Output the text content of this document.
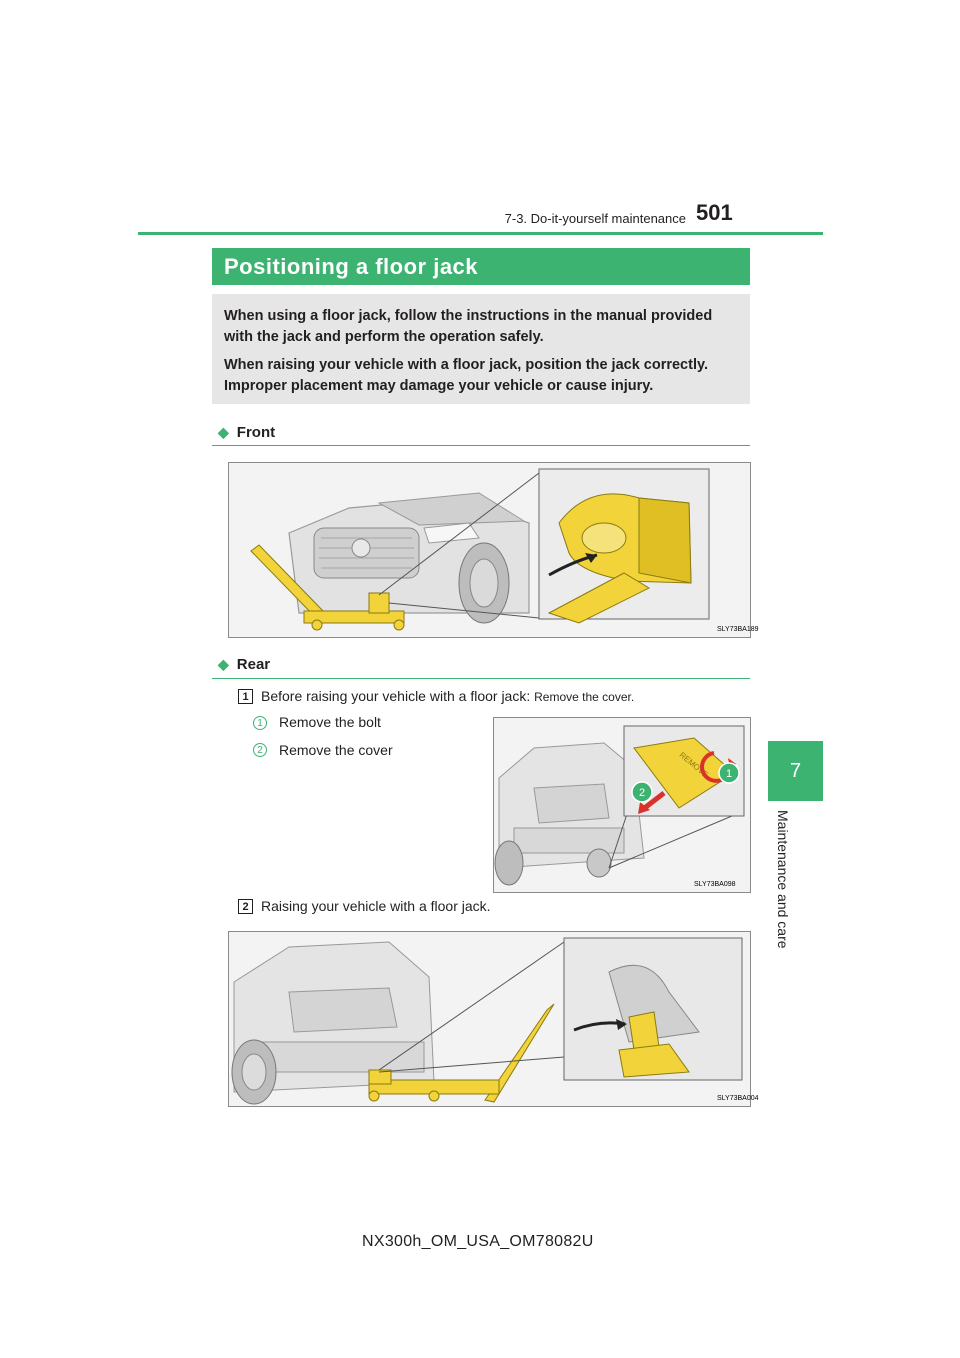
7-3. Do-it-yourself maintenance 501
7
Maintenance and care
Positioning a floor jack

When using a floor jack, follow the instructions in the manual provided with the jack and perform the operation safely.

When raising your vehicle with a floor jack, position the jack correctly. Improper placement may damage your vehicle or cause injury.

◆ Front
SLY73BA189
◆ Rear
1 Before raising your vehicle with a floor jack: Remove the cover.
1	Remove the bolt
2	Remove the cover
REMOVE 1
2
SLY73BA098
2 Raising your vehicle with a floor jack.
SLY73BA004
NX300h_OM_USA_OM78082U
